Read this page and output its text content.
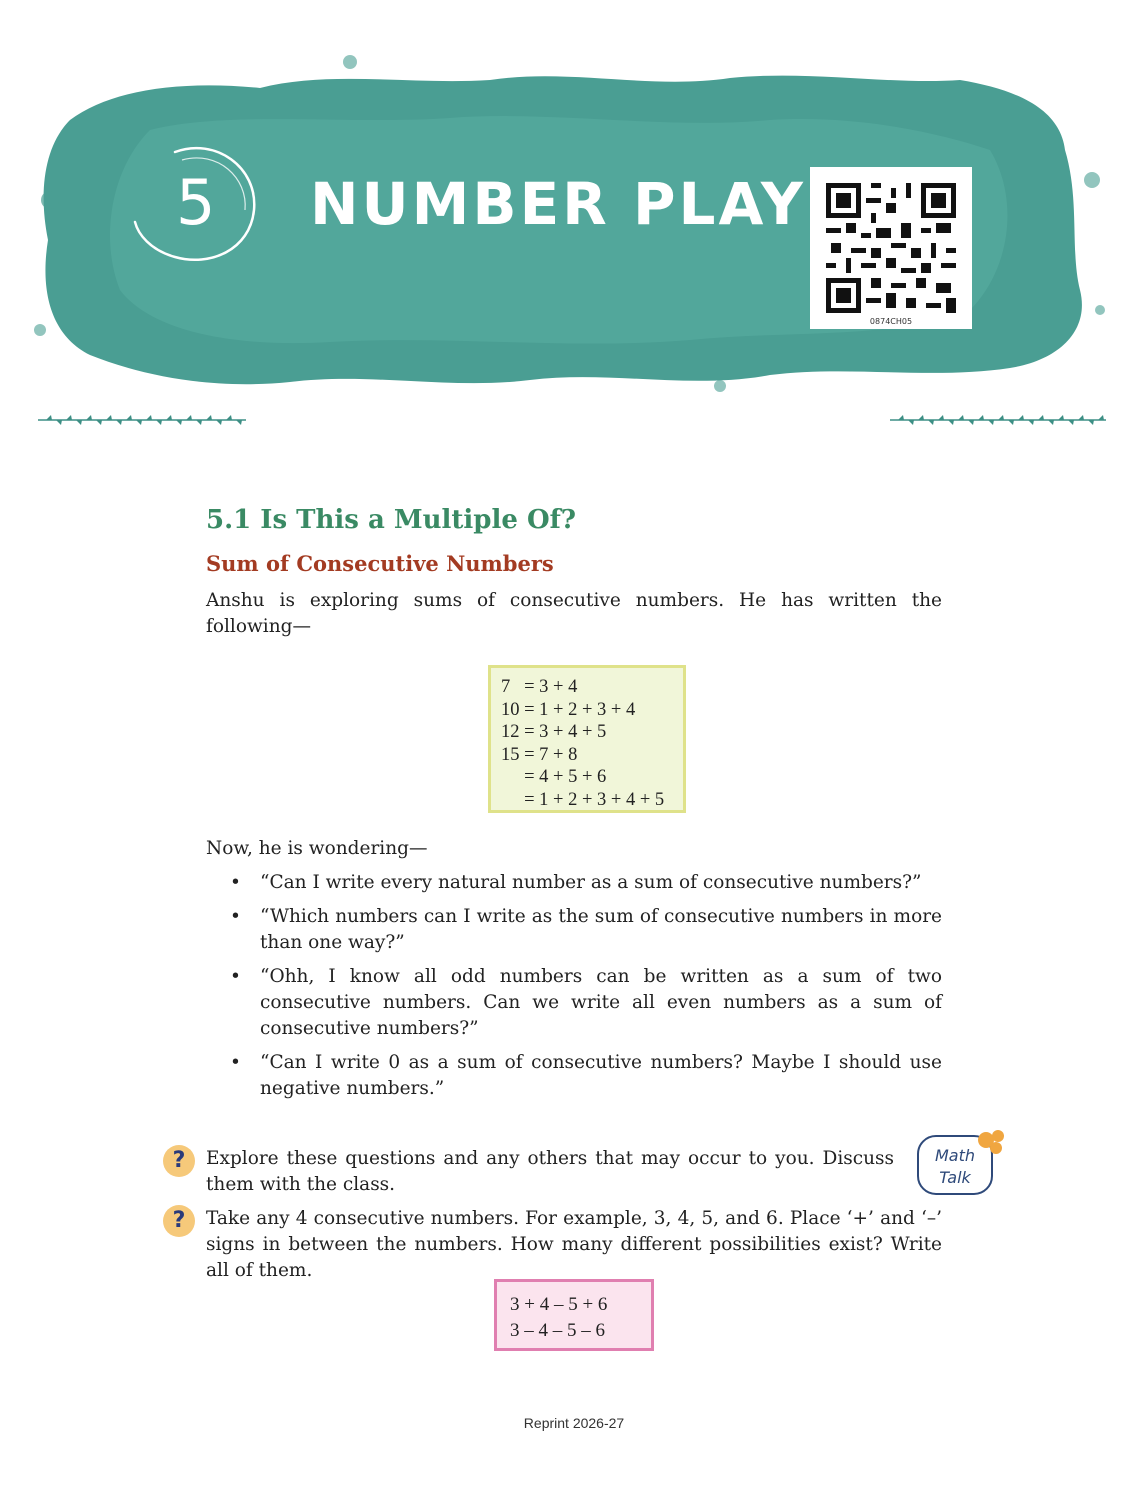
5 NUMBER PLAY
0874CH05
5.1 Is This a Multiple Of?
Sum of Consecutive Numbers

Anshu is exploring sums of consecutive numbers. He has written the following—

7   = 3 + 4
10 = 1 + 2 + 3 + 4
12 = 3 + 4 + 5
15 = 7 + 8
= 4 + 5 + 6
= 1 + 2 + 3 + 4 + 5

Now, he is wondering—

• “Can I write every natural number as a sum of consecutive numbers?”
• “Which numbers can I write as the sum of consecutive numbers in more than one way?”
• “Ohh, I know all odd numbers can be written as a sum of two consecutive numbers. Can we write all even numbers as a sum of consecutive numbers?”
• “Can I write 0 as a sum of consecutive numbers? Maybe I should use negative numbers.”
?	Explore these questions and any others that may occur to you. Discuss them with the class.

Math
Talk
?	Take any 4 consecutive numbers. For example, 3, 4, 5, and 6. Place ‘+’ and ‘–’ signs in between the numbers. How many different possibilities exist? Write all of them.

3 + 4 – 5 + 6
3 – 4 – 5 – 6
Reprint 2026-27
